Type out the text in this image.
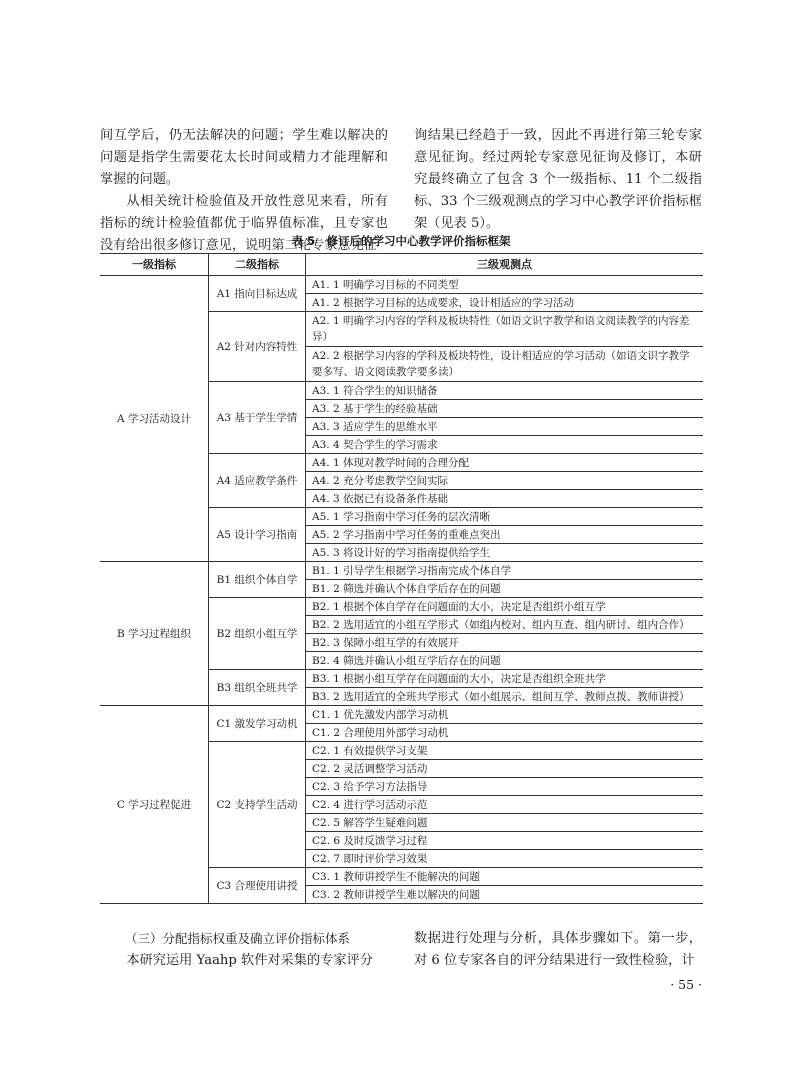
间互学后，仍无法解决的问题；学生难以解决的问题是指学生需要花太长时间或精力才能理解和掌握的问题。

从相关统计检验值及开放性意见来看，所有指标的统计检验值都优于临界值标准，且专家也没有给出很多修订意见，说明第二轮专家意见征

询结果已经趋于一致，因此不再进行第三轮专家意见征询。经过两轮专家意见征询及修订，本研究最终确立了包含 3 个一级指标、11 个二级指标、33 个三级观测点的学习中心教学评价指标框架（见表 5）。

表 5　修订后的学习中心教学评价指标框架
一级指标	二级指标	三级观测点
A 学习活动设计	A1 指向目标达成	A1. 1 明确学习目标的不同类型
		A1. 2 根据学习目标的达成要求，设计相适应的学习活动
	A2 针对内容特性	A2. 1 明确学习内容的学科及板块特性（如语文识字教学和语文阅读教学的内容差异）
		A2. 2 根据学习内容的学科及板块特性，设计相适应的学习活动（如语文识字教学要多写、语文阅读教学要多读）
	A3 基于学生学情	A3. 1 符合学生的知识储备
		A3. 2 基于学生的经验基础
		A3. 3 适应学生的思维水平
		A3. 4 契合学生的学习需求
	A4 适应教学条件	A4. 1 体现对教学时间的合理分配
		A4. 2 充分考虑教学空间实际
		A4. 3 依据已有设备条件基础
	A5 设计学习指南	A5. 1 学习指南中学习任务的层次清晰
		A5. 2 学习指南中学习任务的重难点突出
		A5. 3 将设计好的学习指南提供给学生
B 学习过程组织	B1 组织个体自学	B1. 1 引导学生根据学习指南完成个体自学
		B1. 2 筛选并确认个体自学后存在的问题
	B2 组织小组互学	B2. 1 根据个体自学存在问题面的大小，决定是否组织小组互学
		B2. 2 选用适宜的小组互学形式（如组内校对、组内互查、组内研讨、组内合作）
		B2. 3 保障小组互学的有效展开
		B2. 4 筛选并确认小组互学后存在的问题
	B3 组织全班共学	B3. 1 根据小组互学存在问题面的大小，决定是否组织全班共学
		B3. 2 选用适宜的全班共学形式（如小组展示、组间互学、教师点拨、教师讲授）
C 学习过程促进	C1 激发学习动机	C1. 1 优先激发内部学习动机
		C1. 2 合理使用外部学习动机
	C2 支持学生活动	C2. 1 有效提供学习支架
		C2. 2 灵活调整学习活动
		C2. 3 给予学习方法指导
		C2. 4 进行学习活动示范
		C2. 5 解答学生疑难问题
		C2. 6 及时反馈学习过程
		C2. 7 即时评价学习效果
	C3 合理使用讲授	C3. 1 教师讲授学生不能解决的问题
		C3. 2 教师讲授学生难以解决的问题
（三）分配指标权重及确立评价指标体系

本研究运用 Yaahp 软件对采集的专家评分

数据进行处理与分析，具体步骤如下。第一步，对 6 位专家各自的评分结果进行一致性检验，计

· 55 ·
